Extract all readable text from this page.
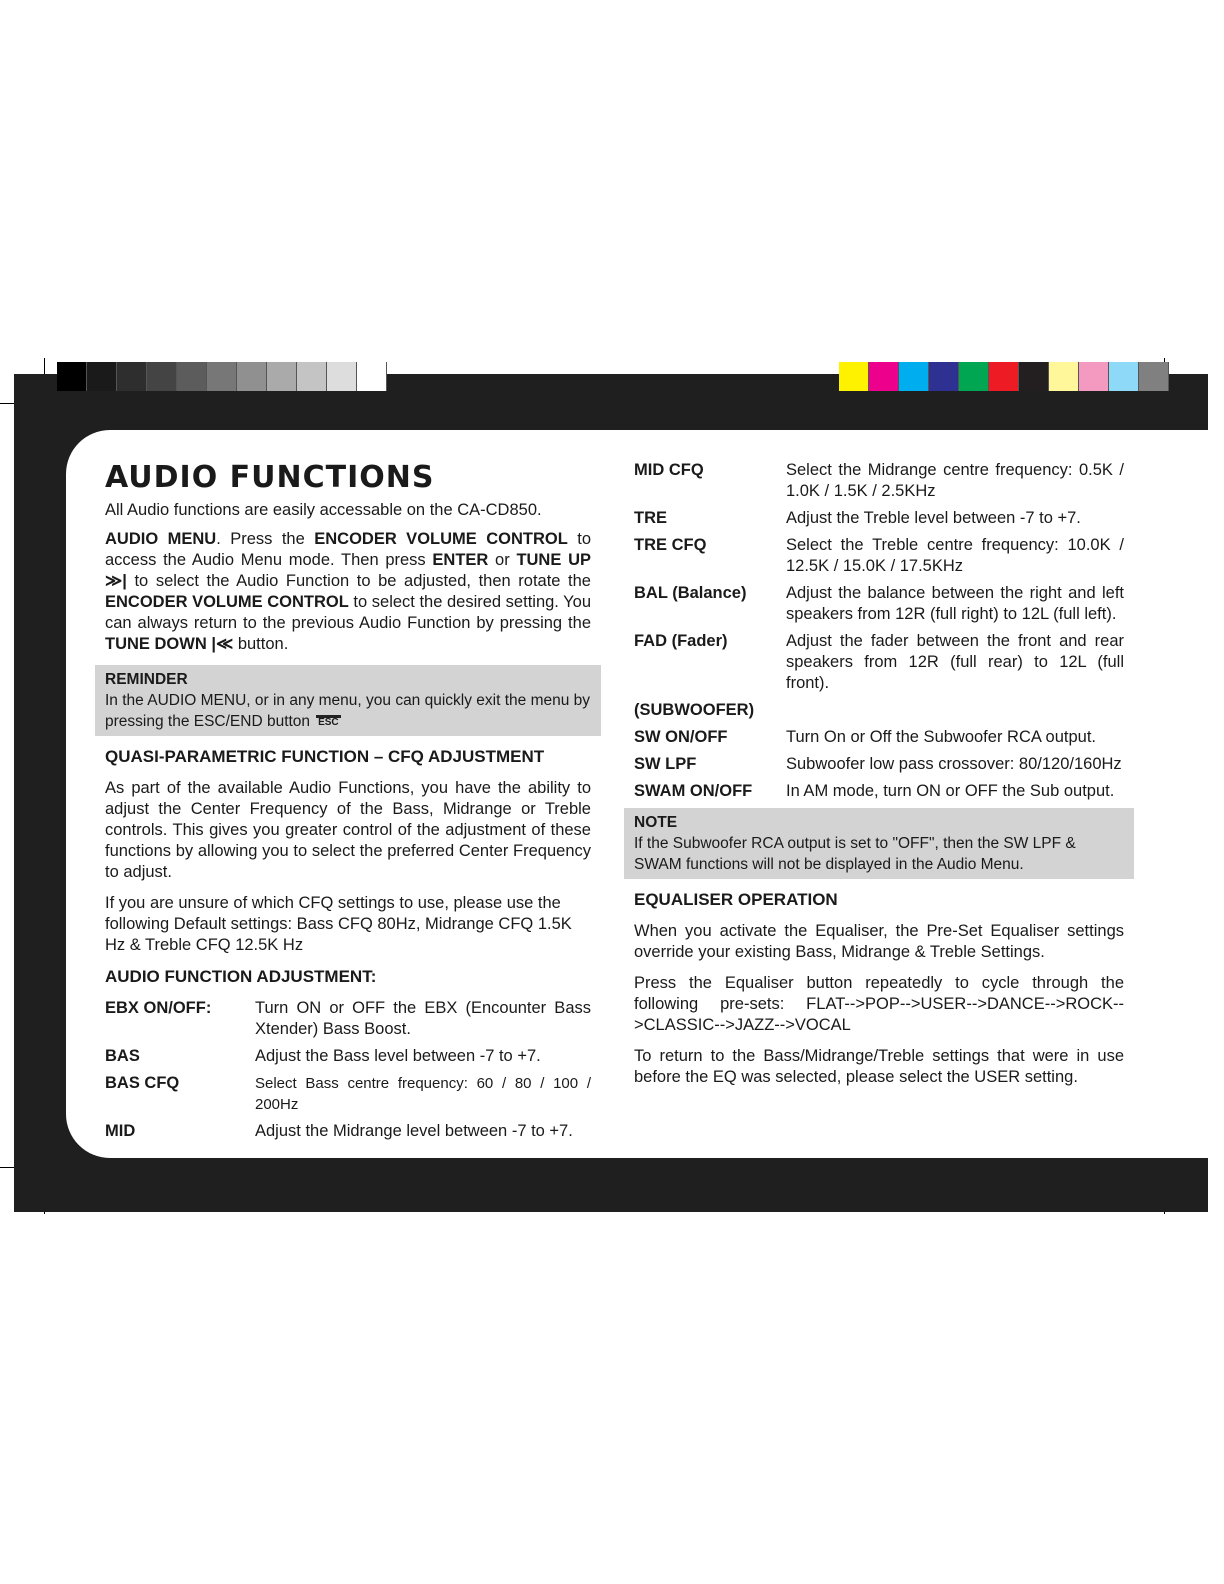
AUDIO FUNCTIONS

All Audio functions are easily accessable on the CA-CD850.

AUDIO MENU. Press the ENCODER VOLUME CONTROL to access the Audio Menu mode. Then press ENTER or TUNE UP ≫| to select the Audio Function to be adjusted, then rotate the ENCODER VOLUME CONTROL to select the desired setting. You can always return to the previous Audio Function by pressing the TUNE DOWN |≪ button.

REMINDER
In the AUDIO MENU, or in any menu, you can quickly exit the menu by pressing the ESC/END button ESC
QUASI-PARAMETRIC FUNCTION – CFQ ADJUSTMENT

As part of the available Audio Functions, you have the ability to adjust the Center Frequency of the Bass, Midrange or Treble controls. This gives you greater control of the adjustment of these functions by allowing you to select the preferred Center Frequency to adjust.

If you are unsure of which CFQ settings to use, please use the following Default settings: Bass CFQ 80Hz, Midrange CFQ 1.5K Hz & Treble CFQ 12.5K Hz

AUDIO FUNCTION ADJUSTMENT:
EBX ON/OFF:	Turn ON or OFF the EBX (Encounter Bass Xtender) Bass Boost.
BAS	Adjust the Bass level between -7 to +7.
BAS CFQ	Select Bass centre frequency: 60 / 80 / 100 / 200Hz
MID	Adjust the Midrange level between -7 to +7.
MID CFQ	Select the Midrange centre frequency: 0.5K / 1.0K / 1.5K / 2.5KHz
TRE	Adjust the Treble level between -7 to +7.
TRE CFQ	Select the Treble centre frequency: 10.0K / 12.5K / 15.0K / 17.5KHz
BAL (Balance)	Adjust the balance between the right and left speakers from 12R (full right) to 12L (full left).
FAD (Fader)	Adjust the fader between the front and rear speakers from 12R (full rear) to 12L (full front).
(SUBWOOFER)
SW ON/OFF	Turn On or Off the Subwoofer RCA output.
SW LPF	Subwoofer low pass crossover: 80/120/160Hz
SWAM ON/OFF	In AM mode, turn ON or OFF the Sub output.
NOTE
If the Subwoofer RCA output is set to "OFF", then the SW LPF & SWAM functions will not be displayed in the Audio Menu.
EQUALISER OPERATION

When you activate the Equaliser, the Pre-Set Equaliser settings override your existing Bass, Midrange & Treble Settings.

Press the Equaliser button repeatedly to cycle through the following pre-sets: FLAT-->POP-->USER-->DANCE-->ROCK-->CLASSIC-->JAZZ-->VOCAL

To return to the Bass/Midrange/Treble settings that were in use before the EQ was selected, please select the USER setting.
